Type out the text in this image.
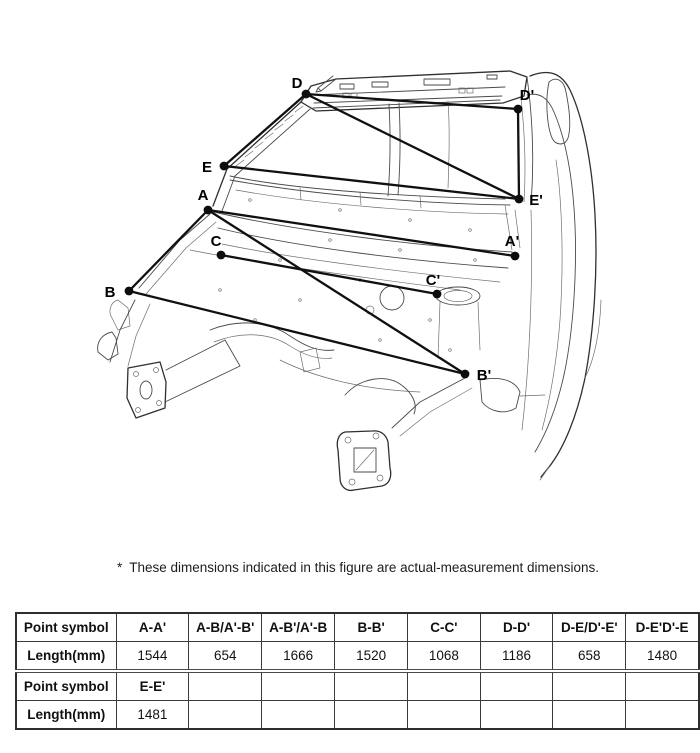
D
D'
E
E'
A
A'
C
C'
B
B'
* These dimensions indicated in this figure are actual-measurement dimensions.
Point symbol	A-A'	A-B/A'-B'	A-B'/A'-B	B-B'	C-C'	D-D'	D-E/D'-E'	D-E'D'-E
Length(mm)	1544	654	1666	1520	1068	1186	658	1480
Point symbol	E-E'							
Length(mm)	1481							
